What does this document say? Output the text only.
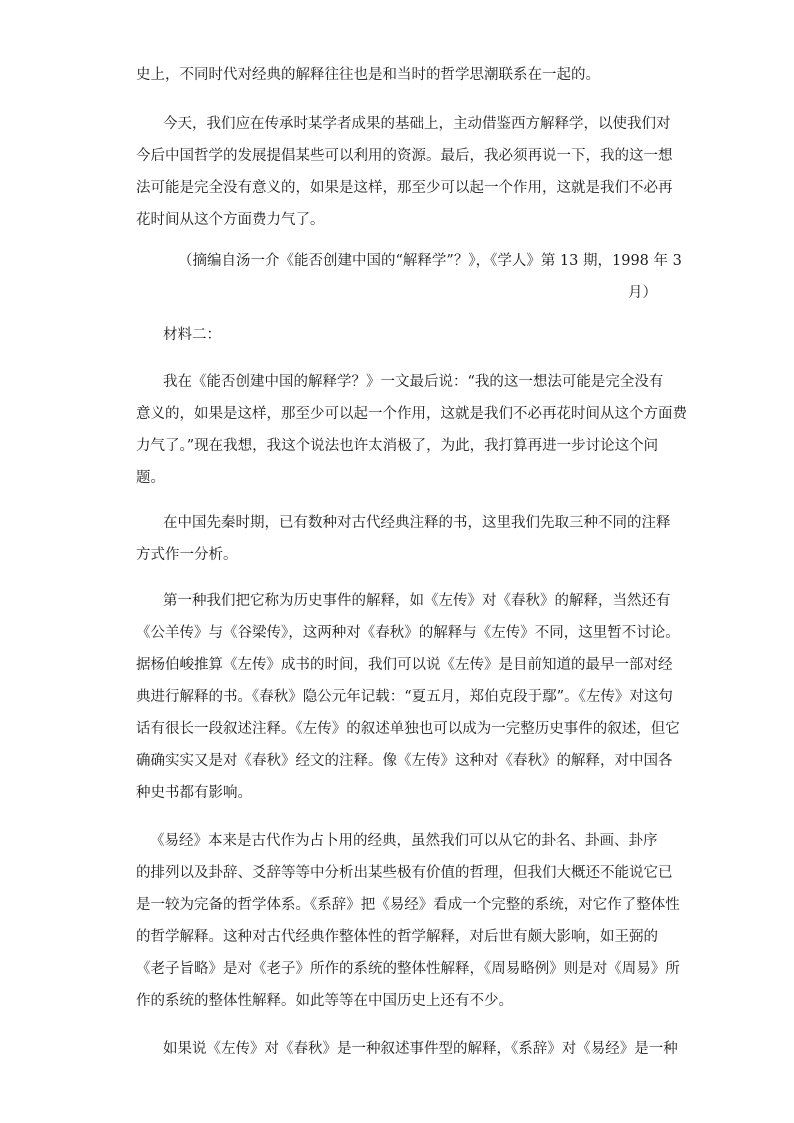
史上，不同时代对经典的解释往往也是和当时的哲学思潮联系在一起的。
今天，我们应在传承时某学者成果的基础上，主动借鉴西方解释学，以使我们对
今后中国哲学的发展提倡某些可以利用的资源。最后，我必须再说一下，我的这一想
法可能是完全没有意义的，如果是这样，那至少可以起一个作用，这就是我们不必再
花时间从这个方面费力气了。
（摘编自汤一介《能否创建中国的“解释学”？》，《学人》第 13 期，1998 年 3
月）
材料二：
我在《能否创建中国的解释学？》一文最后说：“我的这一想法可能是完全没有
意义的，如果是这样，那至少可以起一个作用，这就是我们不必再花时间从这个方面费
力气了。”现在我想，我这个说法也许太消极了，为此，我打算再进一步讨论这个问
题。
在中国先秦时期，已有数种对古代经典注释的书，这里我们先取三种不同的注释
方式作一分析。
第一种我们把它称为历史事件的解释，如《左传》对《春秋》的解释，当然还有
《公羊传》与《谷梁传》，这两种对《春秋》的解释与《左传》不同，这里暂不讨论。
据杨伯峻推算《左传》成书的时间，我们可以说《左传》是目前知道的最早一部对经
典进行解释的书。《春秋》隐公元年记载：“夏五月，郑伯克段于鄢”。《左传》对这句
话有很长一段叙述注释。《左传》的叙述单独也可以成为一完整历史事件的叙述，但它
确确实实又是对《春秋》经文的注释。像《左传》这种对《春秋》的解释，对中国各
种史书都有影响。
《易经》本来是古代作为占卜用的经典，虽然我们可以从它的卦名、卦画、卦序
的排列以及卦辞、爻辞等等中分析出某些极有价值的哲理，但我们大概还不能说它已
是一较为完备的哲学体系。《系辞》把《易经》看成一个完整的系统，对它作了整体性
的哲学解释。这种对古代经典作整体性的哲学解释，对后世有颇大影响，如王弼的
《老子旨略》是对《老子》所作的系统的整体性解释，《周易略例》则是对《周易》所
作的系统的整体性解释。如此等等在中国历史上还有不少。
如果说《左传》对《春秋》是一种叙述事件型的解释，《系辞》对《易经》是一种
